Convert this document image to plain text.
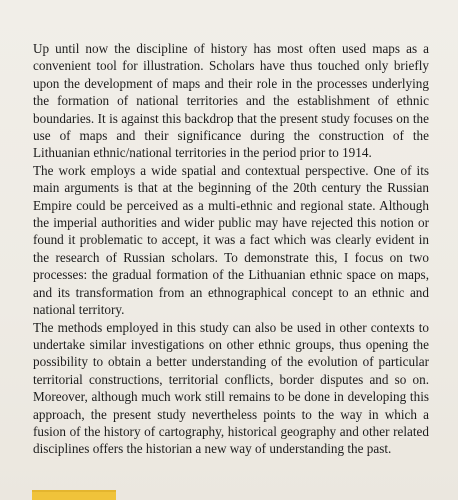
Up until now the discipline of history has most often used maps as a convenient tool for illustration. Scholars have thus touched only briefly upon the development of maps and their role in the processes underlying the formation of national territories and the establishment of ethnic boundaries. It is against this backdrop that the present study focuses on the use of maps and their significance during the construction of the Lithuanian ethnic/national territories in the period prior to 1914.

The work employs a wide spatial and contextual perspective. One of its main arguments is that at the beginning of the 20th century the Russian Empire could be perceived as a multi-ethnic and regional state. Although the imperial authorities and wider public may have rejected this notion or found it problematic to accept, it was a fact which was clearly evident in the research of Russian scholars. To demonstrate this, I focus on two processes: the gradual formation of the Lithuanian ethnic space on maps, and its transformation from an ethnographical concept to an ethnic and national territory.

The methods employed in this study can also be used in other contexts to undertake similar investigations on other ethnic groups, thus opening the possibility to obtain a better understanding of the evolution of particular territorial constructions, territorial conflicts, border disputes and so on. Moreover, although much work still remains to be done in developing this approach, the present study nevertheless points to the way in which a fusion of the history of cartography, historical geography and other related disciplines offers the historian a new way of understanding the past.
